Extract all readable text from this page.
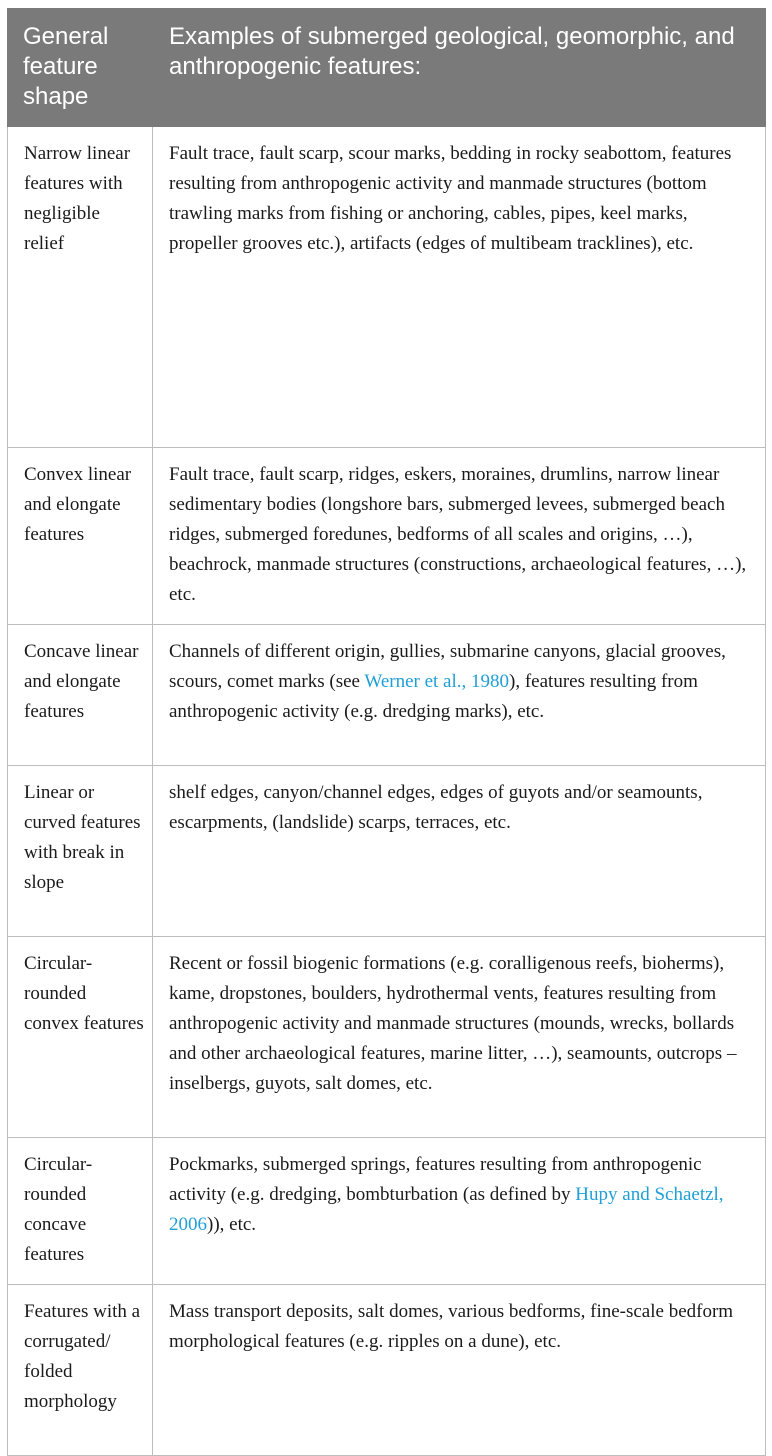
General feature shape	Examples of submerged geological, geomorphic, and anthropogenic features:
Narrow linear features with negligible relief	Fault trace, fault scarp, scour marks, bedding in rocky seabottom, features resulting from anthropogenic activity and manmade structures (bottom trawling marks from fishing or anchoring, cables, pipes, keel marks, propeller grooves etc.), artifacts (edges of multibeam tracklines), etc.
Convex linear and elongate features	Fault trace, fault scarp, ridges, eskers, moraines, drumlins, narrow linear sedimentary bodies (longshore bars, submerged levees, submerged beach ridges, submerged foredunes, bedforms of all scales and origins, …), beachrock, manmade structures (constructions, archaeological features, …), etc.
Concave linear and elongate features	Channels of different origin, gullies, submarine canyons, glacial grooves, scours, comet marks (see Werner et al., 1980), features resulting from anthropogenic activity (e.g. dredging marks), etc.
Linear or curved features with break in slope	shelf edges, canyon/channel edges, edges of guyots and/or seamounts, escarpments, (landslide) scarps, terraces, etc.
Circular-rounded convex features	Recent or fossil biogenic formations (e.g. coralligenous reefs, bioherms), kame, dropstones, boulders, hydrothermal vents, features resulting from anthropogenic activity and manmade structures (mounds, wrecks, bollards and other archaeological features, marine litter, …), seamounts, outcrops – inselbergs, guyots, salt domes, etc.
Circular-rounded concave features	Pockmarks, submerged springs, features resulting from anthropogenic activity (e.g. dredging, bombturbation (as defined by Hupy and Schaetzl, 2006)), etc.
Features with a corrugated/ folded morphology	Mass transport deposits, salt domes, various bedforms, fine-scale bedform morphological features (e.g. ripples on a dune), etc.
